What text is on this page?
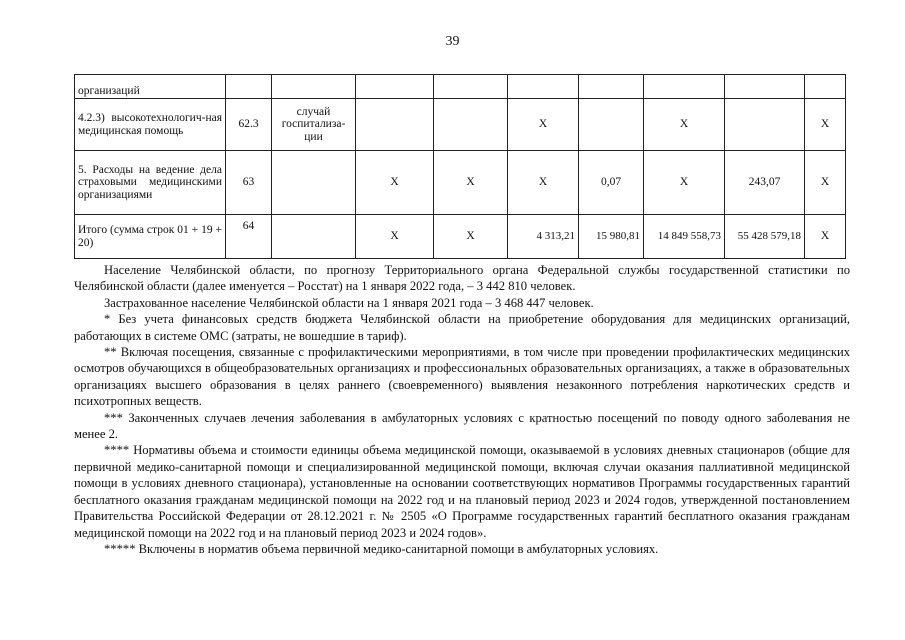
39
организаций									
4.2.3) высокотехнологич-ная медицинская помощь	62.3	случай госпитализа-ции			X		X		X
5. Расходы на ведение дела страховыми медицинскими организациями	63		X	X	X	0,07	X	243,07	X
Итого (сумма строк 01 + 19 + 20)	64		X	X	4 313,21	15 980,81	14 849 558,73	55 428 579,18	X

Население Челябинской области, по прогнозу Территориального органа Федеральной службы государственной статистики по Челябинской области (далее именуется – Росстат) на 1 января 2022 года, – 3 442 810 человек.

Застрахованное население Челябинской области на 1 января 2021 года – 3 468 447 человек.

* Без учета финансовых средств бюджета Челябинской области на приобретение оборудования для медицинских организаций, работающих в системе ОМС (затраты, не вошедшие в тариф).

** Включая посещения, связанные с профилактическими мероприятиями, в том числе при проведении профилактических медицинских осмотров обучающихся в общеобразовательных организациях и профессиональных образовательных организациях, а также в образовательных организациях высшего образования в целях раннего (своевременного) выявления незаконного потребления наркотических средств и психотропных веществ.

*** Законченных случаев лечения заболевания в амбулаторных условиях с кратностью посещений по поводу одного заболевания не менее 2.

**** Нормативы объема и стоимости единицы объема медицинской помощи, оказываемой в условиях дневных стационаров (общие для первичной медико-санитарной помощи и специализированной медицинской помощи, включая случаи оказания паллиативной медицинской помощи в условиях дневного стационара), установленные на основании соответствующих нормативов Программы государственных гарантий бесплатного оказания гражданам медицинской помощи на 2022 год и на плановый период 2023 и 2024 годов, утвержденной постановлением Правительства Российской Федерации от 28.12.2021 г. № 2505 «О Программе государственных гарантий бесплатного оказания гражданам медицинской помощи на 2022 год и на плановый период 2023 и 2024 годов».

***** Включены в норматив объема первичной медико-санитарной помощи в амбулаторных условиях.
